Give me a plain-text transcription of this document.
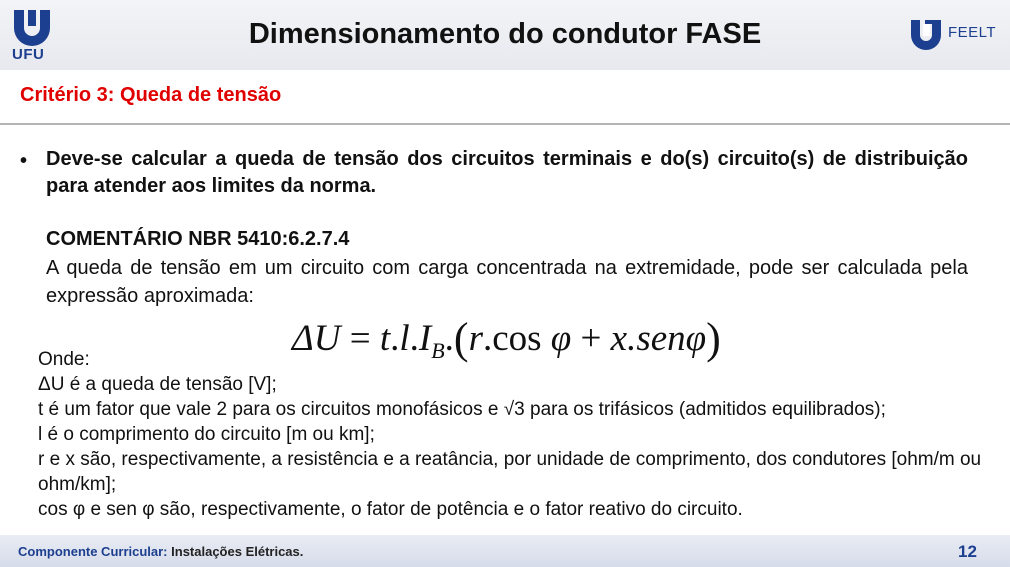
UFU
Dimensionamento do condutor FASE	FEELT
Critério 3: Queda de tensão
• Deve-se calcular a queda de tensão dos circuitos terminais e do(s) circuito(s) de distribuição para atender aos limites da norma.
COMENTÁRIO NBR 5410:6.2.7.4
A queda de tensão em um circuito com carga concentrada na extremidade, pode ser calculada pela expressão aproximada:
$\Delta U = t.l.I_B.(r.\cos$ φ + x.senφ)
Onde:
ΔU é a queda de tensão [V];
t é um fator que vale 2 para os circuitos monofásicos e √3 para os trifásicos (admitidos equilibrados);
l é o comprimento do circuito [m ou km];
r e x são, respectivamente, a resistência e a reatância, por unidade de comprimento, dos condutores [ohm/m ou ohm/km];
cos φ e sen φ são, respectivamente, o fator de potência e o fator reativo do circuito.
Componente Curricular: Instalações Elétricas.	12
